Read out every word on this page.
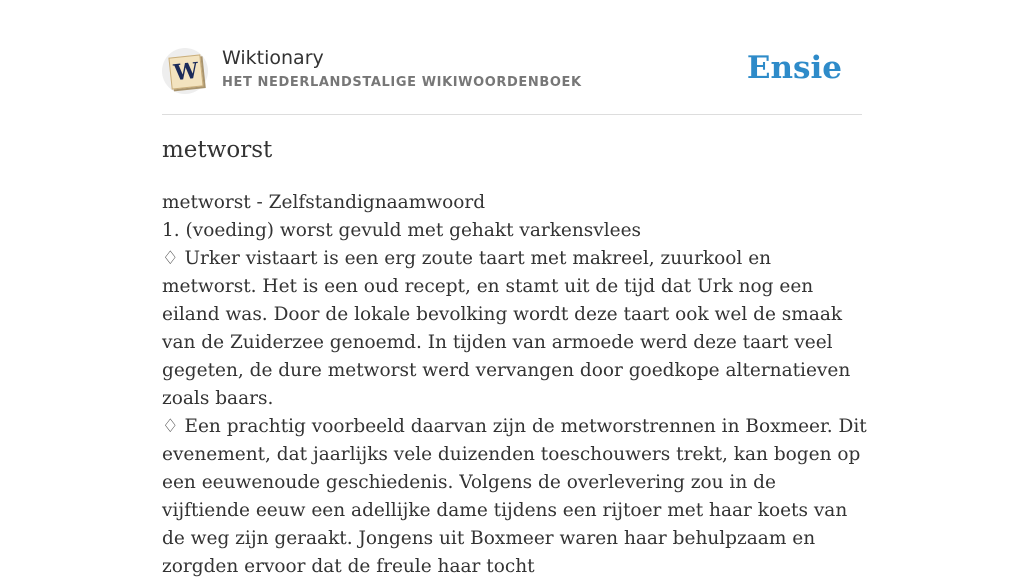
W Wiktionary
HET NEDERLANDSTALIGE WIKIWOORDENBOEK	Ensie
metworst

metworst - Zelfstandignaamwoord

1. (voeding) worst gevuld met gehakt varkensvlees

♢ Urker vistaart is een erg zoute taart met makreel, zuurkool en metworst. Het is een oud recept, en stamt uit de tijd dat Urk nog een eiland was. Door de lokale bevolking wordt deze taart ook wel de smaak van de Zuiderzee genoemd. In tijden van armoede werd deze taart veel gegeten, de dure metworst werd vervangen door goedkope alternatieven zoals baars.

♢ Een prachtig voorbeeld daarvan zijn de metworstrennen in Boxmeer. Dit evenement, dat jaarlijks vele duizenden toeschouwers trekt, kan bogen op een eeuwenoude geschiedenis. Volgens de overlevering zou in de vijftiende eeuw een adellijke dame tijdens een rijtoer met haar koets van de weg zijn geraakt. Jongens uit Boxmeer waren haar behulpzaam en zorgden ervoor dat de freule haar tocht
